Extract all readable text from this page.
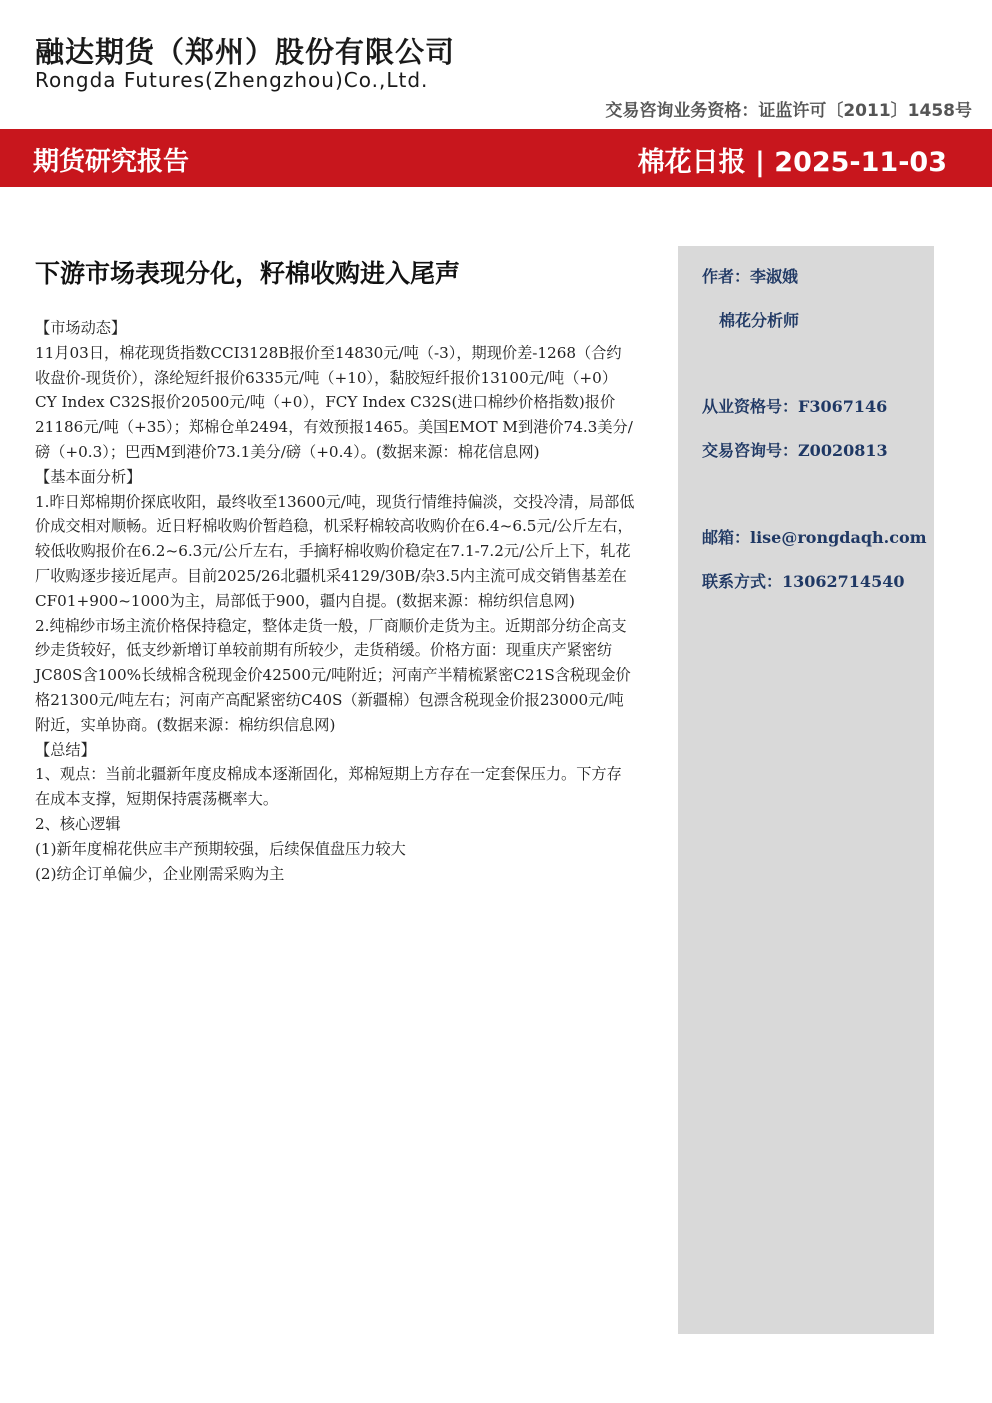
融达期货（郑州）股份有限公司
Rongda Futures(Zhengzhou)Co.,Ltd.
交易咨询业务资格：证监许可〔2011〕1458号
期货研究报告	棉花日报 | 2025-11-03
下游市场表现分化，籽棉收购进入尾声

【市场动态】

11月03日，棉花现货指数CCI3128B报价至14830元/吨（-3），期现价差-1268（合约收盘价-现货价），涤纶短纤报价6335元/吨（+10），黏胶短纤报价13100元/吨（+0）CY Index C32S报价20500元/吨（+0），FCY Index C32S(进口棉纱价格指数)报价21186元/吨（+35）；郑棉仓单2494，有效预报1465。美国EMOT M到港价74.3美分/磅（+0.3）；巴西M到港价73.1美分/磅（+0.4）。(数据来源：棉花信息网)

【基本面分析】

1.昨日郑棉期价探底收阳，最终收至13600元/吨，现货行情维持偏淡，交投冷清，局部低价成交相对顺畅。近日籽棉收购价暂趋稳，机采籽棉较高收购价在6.4~6.5元/公斤左右，较低收购报价在6.2~6.3元/公斤左右，手摘籽棉收购价稳定在7.1-7.2元/公斤上下，轧花厂收购逐步接近尾声。目前2025/26北疆机采4129/30B/杂3.5内主流可成交销售基差在CF01+900~1000为主，局部低于900，疆内自提。(数据来源：棉纺织信息网)

2.纯棉纱市场主流价格保持稳定，整体走货一般，厂商顺价走货为主。近期部分纺企高支纱走货较好，低支纱新增订单较前期有所较少，走货稍缓。价格方面：现重庆产紧密纺JC80S含100%长绒棉含税现金价42500元/吨附近；河南产半精梳紧密C21S含税现金价格21300元/吨左右；河南产高配紧密纺C40S（新疆棉）包漂含税现金价报23000元/吨附近，实单协商。(数据来源：棉纺织信息网)

【总结】

1、观点：当前北疆新年度皮棉成本逐渐固化，郑棉短期上方存在一定套保压力。下方存在成本支撑，短期保持震荡概率大。

2、核心逻辑

(1)新年度棉花供应丰产预期较强，后续保值盘压力较大

(2)纺企订单偏少，企业刚需采购为主

作者：李淑娥
棉花分析师
从业资格号：F3067146
交易咨询号：Z0020813
邮箱：lise@rongdaqh.com
联系方式：13062714540
